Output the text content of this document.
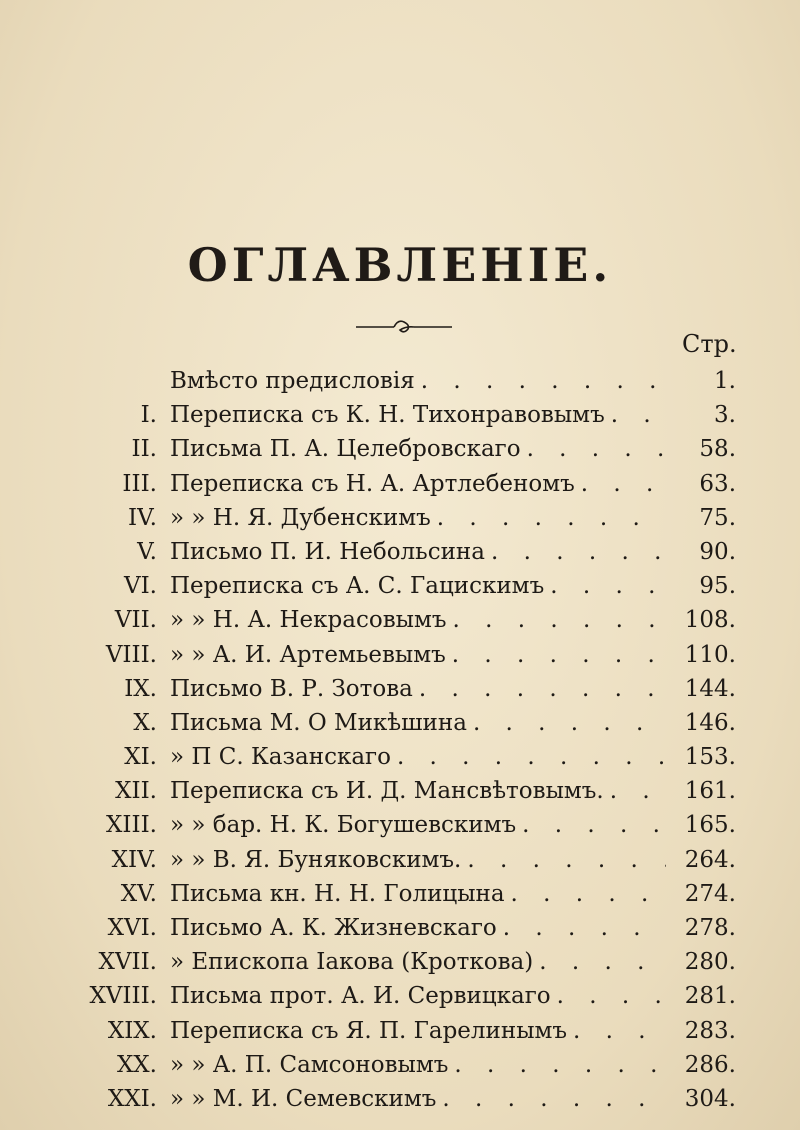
ОГЛАВЛЕНІЕ.
Стр.
Вмѣсто предисловія . . .	1.
I. Переписка съ К. Н. Тихонравовымъ . . .	3.
II. Письма П. А. Целебровскаго . . .	58.
III. Переписка съ Н. А. Артлебеномъ . . .	63.
IV. » » Н. Я. Дубенскимъ . . .	75.
V. Письмо П. И. Небольсина . . .	90.
VI. Переписка съ А. С. Гацискимъ . . .	95.
VII. » » Н. А. Некрасовымъ . . .	108.
VIII. » » А. И. Артемьевымъ . . .	110.
IX. Письмо В. Р. Зотова . . .	144.
X. Письма М. О Микѣшина . . .	146.
XI. » П С. Казанскаго . . .	153.
XII. Переписка съ И. Д. Мансвѣтовымъ. . . .	161.
XIII. » » бар. Н. К. Богушевскимъ . . .	165.
XIV. » » В. Я. Буняковскимъ. . . .	264.
XV. Письма кн. Н. Н. Голицына . . .	274.
XVI. Письмо А. К. Жизневскаго . . .	278.
XVII. » Епископа Іакова (Кроткова) . . .	280.
XVIII. Письма прот. А. И. Сервицкаго . . .	281.
XIX. Переписка съ Я. П. Гарелинымъ . . .	283.
XX. » » А. П. Самсоновымъ . . .	286.
XXI. » » М. И. Семевскимъ . . .	304.
